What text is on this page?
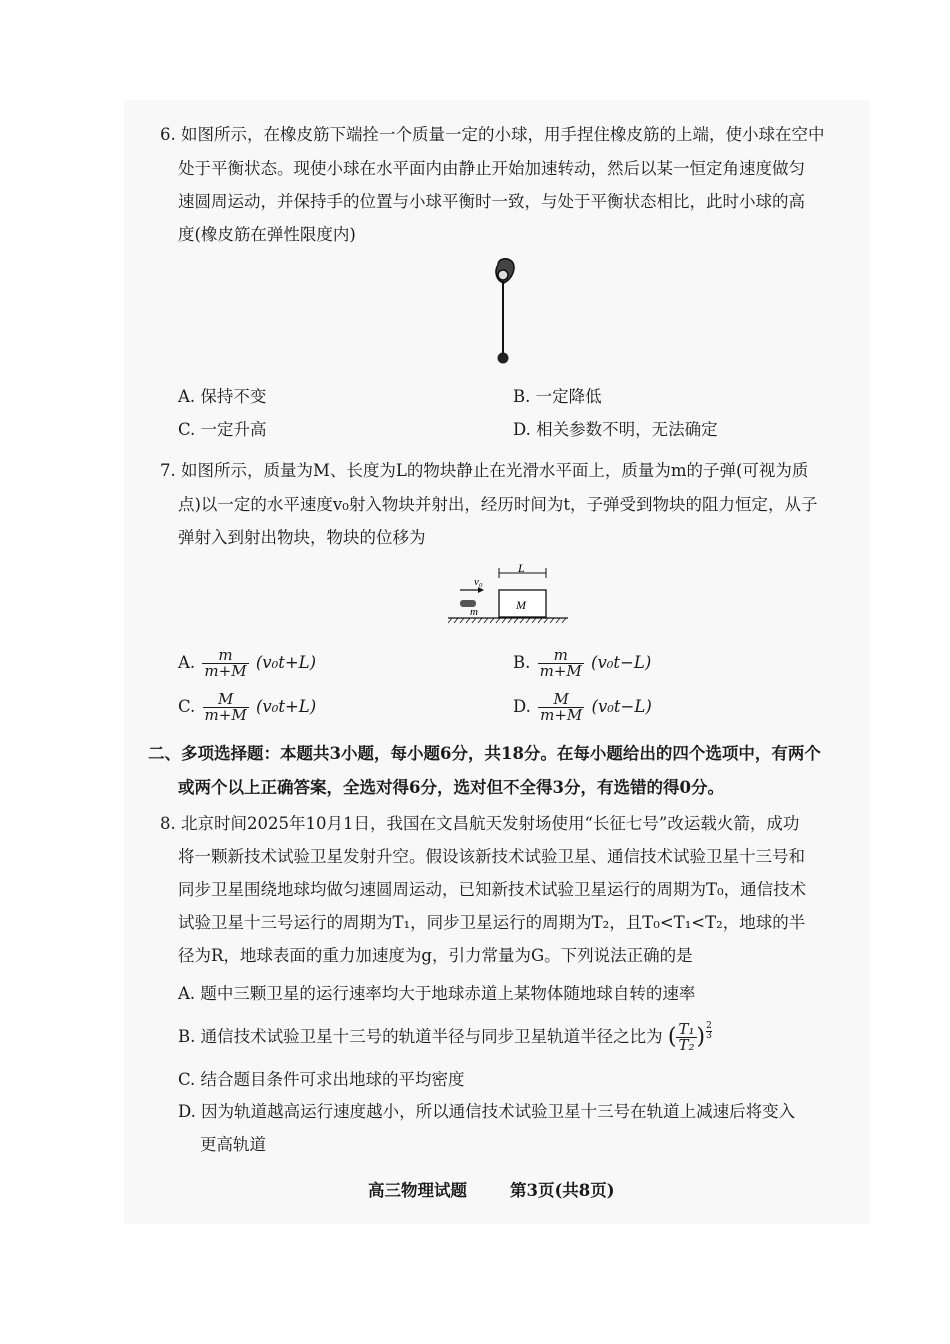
6. 如图所示，在橡皮筋下端拴一个质量一定的小球，用手捏住橡皮筋的上端，使小球在空中
处于平衡状态。现使小球在水平面内由静止开始加速转动，然后以某一恒定角速度做匀
速圆周运动，并保持手的位置与小球平衡时一致，与处于平衡状态相比，此时小球的高
度(橡皮筋在弹性限度内)
A. 保持不变	B. 一定降低
C. 一定升高	D. 相关参数不明，无法确定
7. 如图所示，质量为M、长度为L的物块静止在光滑水平面上，质量为m的子弹(可视为质
点)以一定的水平速度v₀射入物块并射出，经历时间为t，子弹受到物块的阻力恒定，从子
弹射入到射出物块，物块的位移为
v₀
m
L
M
A. $\frac{m}{m+M} (v_0t+L)$	B. $\frac{m}{m+M} (v_0t-L)$
C. $\frac{M}{m+M} (v_0t+L)$	D. $\frac{M}{m+M} (v_0t-L)$
二、多项选择题：本题共3小题，每小题6分，共18分。在每小题给出的四个选项中，有两个
或两个以上正确答案，全选对得6分，选对但不全得3分，有选错的得0分。
8. 北京时间2025年10月1日，我国在文昌航天发射场使用“长征七号”改运载火箭，成功
将一颗新技术试验卫星发射升空。假设该新技术试验卫星、通信技术试验卫星十三号和
同步卫星围绕地球均做匀速圆周运动，已知新技术试验卫星运行的周期为T₀，通信技术
试验卫星十三号运行的周期为T₁，同步卫星运行的周期为T₂，且T₀<T₁<T₂，地球的半
径为R，地球表面的重力加速度为g，引力常量为G。下列说法正确的是
A. 题中三颗卫星的运行速率均大于地球赤道上某物体随地球自转的速率
B. 通信技术试验卫星十三号的轨道半径与同步卫星轨道半径之比为 ( $\frac{\text{T₁}}{\text{T₂}}$ ) $\frac{2}{3}$
C. 结合题目条件可求出地球的平均密度
D. 因为轨道越高运行速度越小，所以通信技术试验卫星十三号在轨道上减速后将变入
更高轨道
高三物理试题	第3页(共8页)
